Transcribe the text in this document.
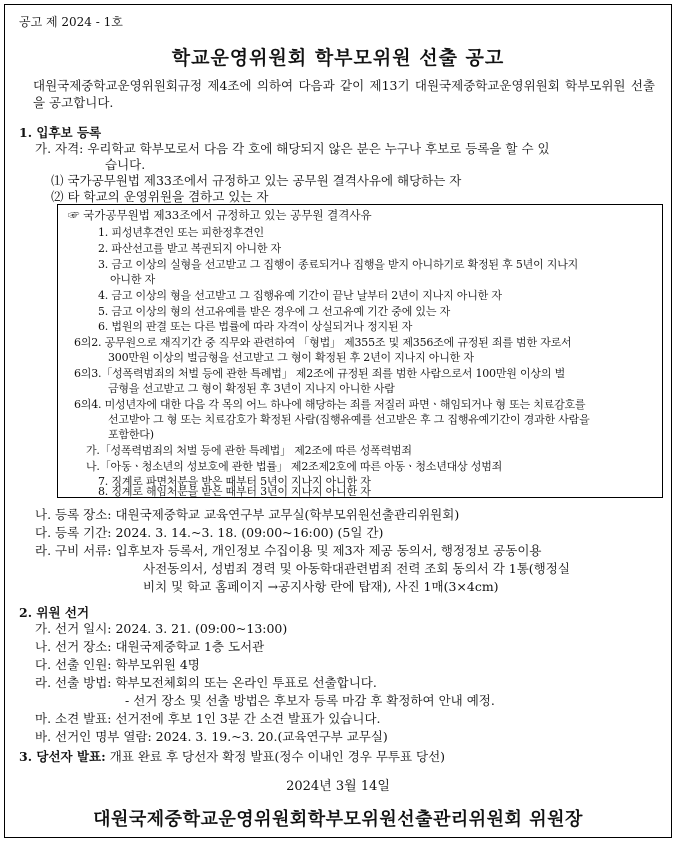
공고 제 2024 - 1호
학교운영위원회 학부모위원 선출 공고
대원국제중학교운영위원회규정 제4조에 의하여 다음과 같이 제13기 대원국제중학교운영위원회 학부모위원 선출을 공고합니다.
1. 입후보 등록
가. 자격: 우리학교 학부모로서 다음 각 호에 해당되지 않은 분은 누구나 후보로 등록을 할 수 있
습니다.
⑴ 국가공무원법 제33조에서 규정하고 있는 공무원 결격사유에 해당하는 자
⑵ 타 학교의 운영위원을 겸하고 있는 자
☞ 국가공무원법 제33조에서 규정하고 있는 공무원 결격사유
1. 피성년후견인 또는 피한정후견인
2. 파산선고를 받고 복권되지 아니한 자
3. 금고 이상의 실형을 선고받고 그 집행이 종료되거나 집행을 받지 아니하기로 확정된 후 5년이 지나지
아니한 자
4. 금고 이상의 형을 선고받고 그 집행유예 기간이 끝난 날부터 2년이 지나지 아니한 자
5. 금고 이상의 형의 선고유예를 받은 경우에 그 선고유예 기간 중에 있는 자
6. 법원의 판결 또는 다른 법률에 따라 자격이 상실되거나 정지된 자
6의2. 공무원으로 재직기간 중 직무와 관련하여 「형법」 제355조 및 제356조에 규정된 죄를 범한 자로서
300만원 이상의 벌금형을 선고받고 그 형이 확정된 후 2년이 지나지 아니한 자
6의3.「성폭력범죄의 처벌 등에 관한 특례법」 제2조에 규정된 죄를 범한 사람으로서 100만원 이상의 벌
금형을 선고받고 그 형이 확정된 후 3년이 지나지 아니한 사람
6의4. 미성년자에 대한 다음 각 목의 어느 하나에 해당하는 죄를 저질러 파면ㆍ해임되거나 형 또는 치료감호를
선고받아 그 형 또는 치료감호가 확정된 사람(집행유예를 선고받은 후 그 집행유예기간이 경과한 사람을
포함한다)
가.「성폭력범죄의 처벌 등에 관한 특례법」 제2조에 따른 성폭력범죄
나.「아동ㆍ청소년의 성보호에 관한 법률」 제2조제2호에 따른 아동ㆍ청소년대상 성범죄
7. 징계로 파면처분을 받은 때부터 5년이 지나지 아니한 자
8. 징계로 해임처분을 받은 때부터 3년이 지나지 아니한 자
나. 등록 장소: 대원국제중학교 교육연구부 교무실(학부모위원선출관리위원회)
다. 등록 기간: 2024. 3. 14.~3. 18. (09:00~16:00) (5일 간)
라. 구비 서류: 입후보자 등록서, 개인정보 수집이용 및 제3자 제공 동의서, 행정정보 공동이용
사전동의서, 성범죄 경력 및 아동학대관련범죄 전력 조회 동의서 각 1통(행정실
비치 및 학교 홈페이지 →공지사항 란에 탑재), 사진 1매(3×4cm)
2. 위원 선거
가. 선거 일시: 2024. 3. 21. (09:00~13:00)
나. 선거 장소: 대원국제중학교 1층 도서관
다. 선출 인원: 학부모위원 4명
라. 선출 방법: 학부모전체회의 또는 온라인 투표로 선출합니다.
- 선거 장소 및 선출 방법은 후보자 등록 마감 후 확정하여 안내 예정.
마. 소견 발표: 선거전에 후보 1인 3분 간 소견 발표가 있습니다.
바. 선거인 명부 열람: 2024. 3. 19.~3. 20.(교육연구부 교무실)
3. 당선자 발표: 개표 완료 후 당선자 확정 발표(정수 이내인 경우 무투표 당선)
2024년 3월 14일
대원국제중학교운영위원회학부모위원선출관리위원회 위원장
